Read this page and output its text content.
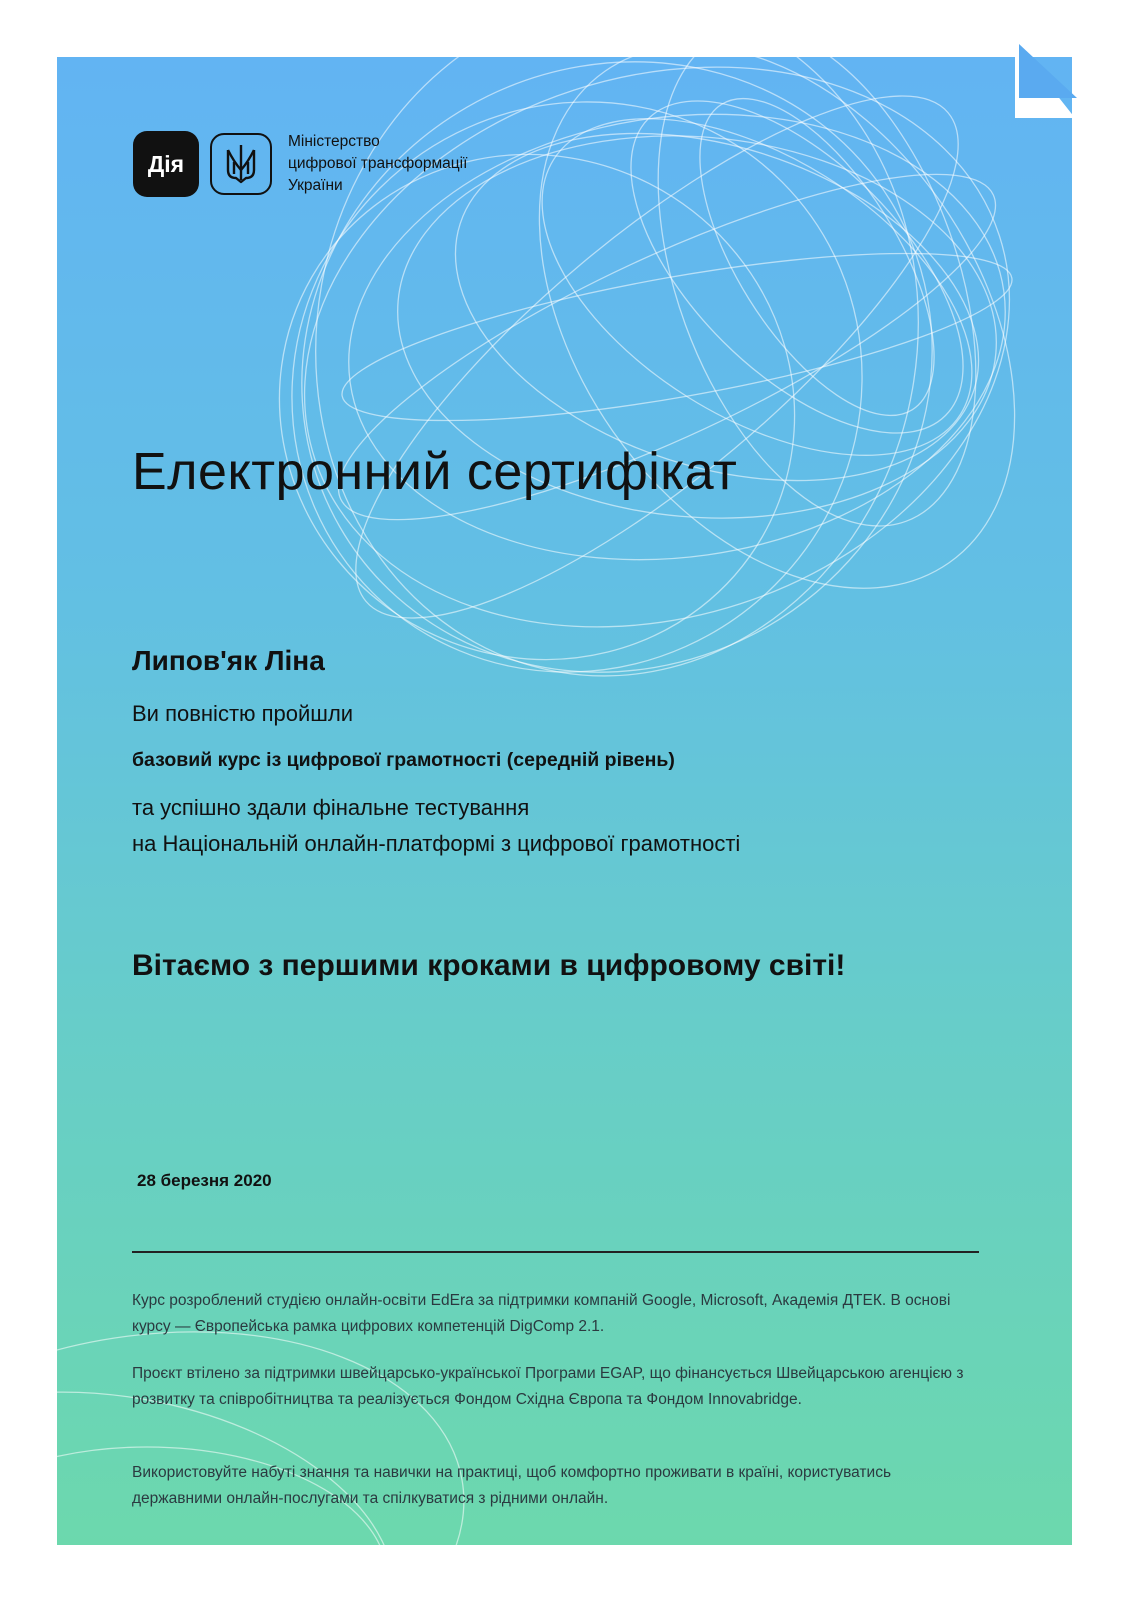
Дія
Міністерство
цифрової трансформації
України
Електронний сертифікат

Липов'як Ліна

Ви повністю пройшли

базовий курс із цифрової грамотності (середній рівень)

та успішно здали фінальне тестування
на Національній онлайн-платформі з цифрової грамотності

Вітаємо з першими кроками в цифровому світі!

28 березня 2020

Курс розроблений студією онлайн-освіти EdEra за підтримки компаній Google, Microsoft, Академія ДТЕК. В основі курсу — Європейська рамка цифрових компетенцій DigComp 2.1.

Проєкт втілено за підтримки швейцарсько-української Програми EGAP, що фінансується Швейцарською агенцією з розвитку та співробітництва та реалізується Фондом Східна Європа та Фондом Innovabridge.

Використовуйте набуті знання та навички на практиці, щоб комфортно проживати в країні, користуватись державними онлайн-послугами та спілкуватися з рідними онлайн.
